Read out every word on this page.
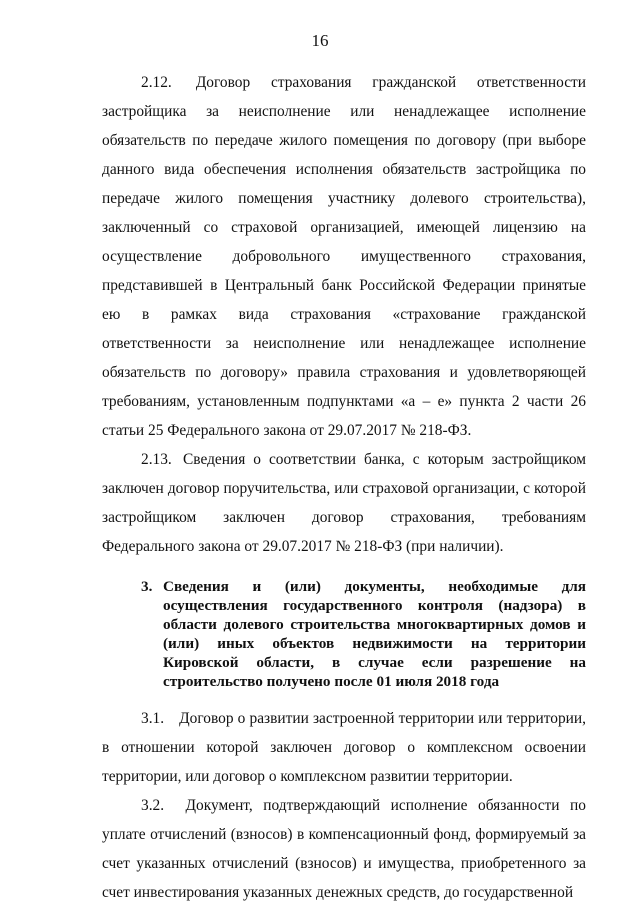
16

2.12. Договор страхования гражданской ответственности застройщика за неисполнение или ненадлежащее исполнение обязательств по передаче жилого помещения по договору (при выборе данного вида обеспечения исполнения обязательств застройщика по передаче жилого помещения участнику долевого строительства), заключенный со страховой организацией, имеющей лицензию на осуществление добровольного имущественного страхования, представившей в Центральный банк Российской Федерации принятые ею в рамках вида страхования «страхование гражданской ответственности за неисполнение или ненадлежащее исполнение обязательств по договору» правила страхования и удовлетворяющей требованиям, установленным подпунктами «а – е» пункта 2 части 26 статьи 25 Федерального закона от 29.07.2017 № 218-ФЗ.

2.13. Сведения о соответствии банка, с которым застройщиком заключен договор поручительства, или страховой организации, с которой застройщиком заключен договор страхования, требованиям Федерального закона от 29.07.2017 № 218-ФЗ (при наличии).

3. Сведения и (или) документы, необходимые для осуществления государственного контроля (надзора) в области долевого строительства многоквартирных домов и (или) иных объектов недвижимости на территории Кировской области, в случае если разрешение на строительство получено после 01 июля 2018 года

3.1. Договор о развитии застроенной территории или территории, в отношении которой заключен договор о комплексном освоении территории, или договор о комплексном развитии территории.

3.2. Документ, подтверждающий исполнение обязанности по уплате отчислений (взносов) в компенсационный фонд, формируемый за счет указанных отчислений (взносов) и имущества, приобретенного за счет инвестирования указанных денежных средств, до государственной
